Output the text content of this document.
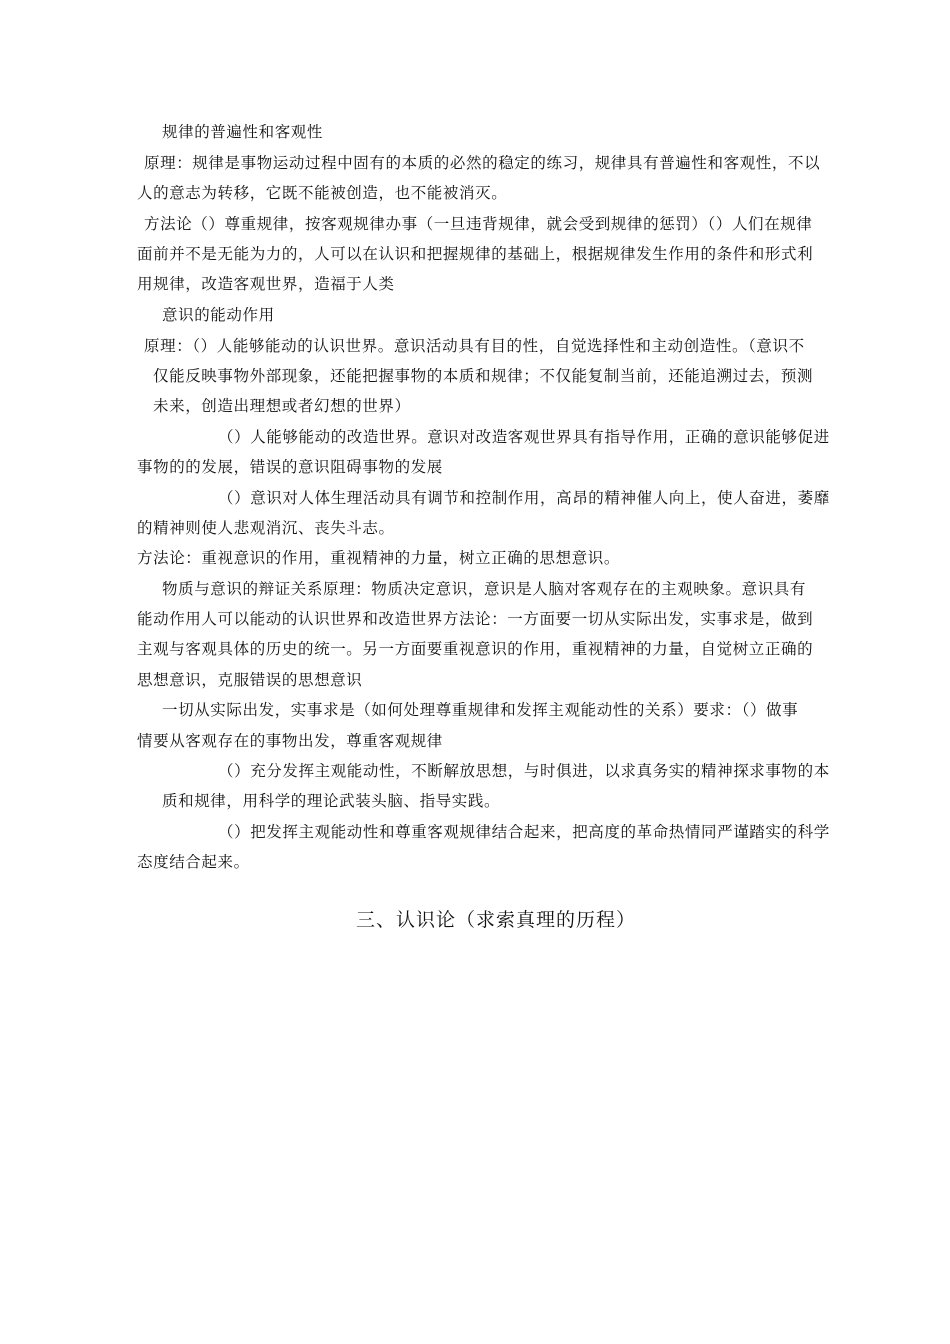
规律的普遍性和客观性
原理：规律是事物运动过程中固有的本质的必然的稳定的练习，规律具有普遍性和客观性，不以
人的意志为转移，它既不能被创造，也不能被消灭。
方法论（）尊重规律，按客观规律办事（一旦违背规律，就会受到规律的惩罚）（）人们在规律
面前并不是无能为力的，人可以在认识和把握规律的基础上，根据规律发生作用的条件和形式利
用规律，改造客观世界，造福于人类
意识的能动作用
原理：（）人能够能动的认识世界。意识活动具有目的性，自觉选择性和主动创造性。（意识不
仅能反映事物外部现象，还能把握事物的本质和规律；不仅能复制当前，还能追溯过去，预测
未来，创造出理想或者幻想的世界）
（）人能够能动的改造世界。意识对改造客观世界具有指导作用，正确的意识能够促进
事物的的发展，错误的意识阻碍事物的发展
（）意识对人体生理活动具有调节和控制作用，高昂的精神催人向上，使人奋进，萎靡
的精神则使人悲观消沉、丧失斗志。
方法论：重视意识的作用，重视精神的力量，树立正确的思想意识。
物质与意识的辩证关系原理：物质决定意识，意识是人脑对客观存在的主观映象。意识具有
能动作用人可以能动的认识世界和改造世界方法论：一方面要一切从实际出发，实事求是，做到
主观与客观具体的历史的统一。另一方面要重视意识的作用，重视精神的力量，自觉树立正确的
思想意识，克服错误的思想意识
一切从实际出发，实事求是（如何处理尊重规律和发挥主观能动性的关系）要求：（）做事
情要从客观存在的事物出发，尊重客观规律
（）充分发挥主观能动性，不断解放思想，与时俱进，以求真务实的精神探求事物的本
质和规律，用科学的理论武装头脑、指导实践。
（）把发挥主观能动性和尊重客观规律结合起来，把高度的革命热情同严谨踏实的科学
态度结合起来。
三、认识论（求索真理的历程）
